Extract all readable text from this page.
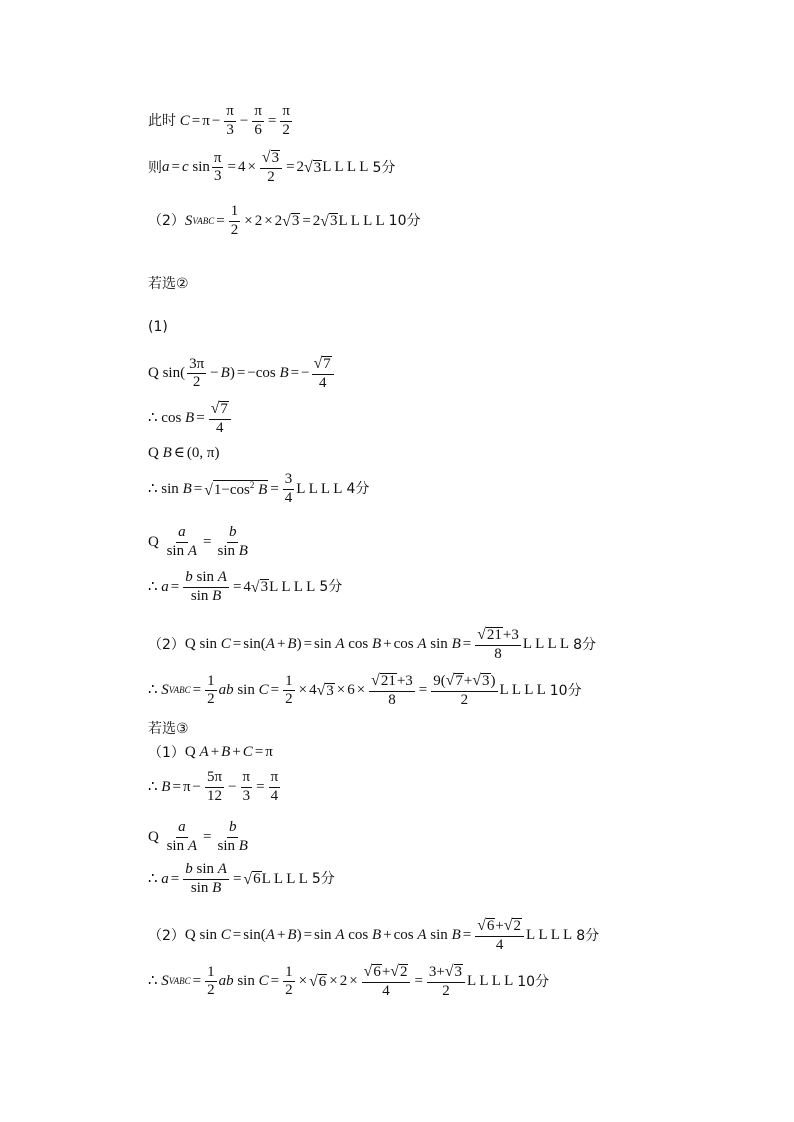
此时 $C = \pi - \frac{\pi}{3} - \frac{\pi}{6} = \frac{\pi}{2}$
则 a = c $\sin \frac{\pi}{3} = 4 \times \frac{√ 3}{2} = 2$ √ 3 L L L L 5分
（2） S VABC = $\frac{1}{2} \times 2 \times 2$ √ 3 = 2 √ 3 L L L L 10分
若选②
(1)
Q $\sin( \frac{3\pi}{2} - B$ ) = −cos B = − $\frac{√ 7}{4}$
∴ $\cos B = \frac{√ 7}{4}$
Q
B ∈ (0, π)
∴ sin B = √ $1-\cos^2$ $B = \frac{3}{4}$ L L L L 4分
Q
$\frac{a}{\text{sin A}} = \frac{b}{\text{sin B}}$
∴
$a = \frac{\text{b sin A}}{\text{sin B}} = 4$ √ 3 L L L L 5分
（2） Q sin C = sin( A + B ) = sin A cos B + cos A $\sin B = \frac{√ 21 +3}{8}$ L L L L 8分
∴
S VABC = $\frac{1}{2}$ ab $\sin C = \frac{1}{2} \times 4$ √ $3 \times 6 \times \frac{√ 21 +3}{8} = \frac{9( √ 7 + √ 3 )}{2}$ L L L L 10分
若选③
（1） Q
A + B + C = π
∴
$B = \pi - \frac{5\pi}{12} - \frac{\pi}{3} = \frac{\pi}{4}$
Q
$\frac{a}{\text{sin A}} = \frac{b}{\text{sin B}}$
∴
$a = \frac{\text{b sin A}}{\text{sin B}}$ = √ 6 L L L L 5分
（2） Q sin C = sin( A + B ) = sin A cos B + cos A $\sin B = \frac{√ 6 + √ 2}{4}$ L L L L 8分
∴
S VABC = $\frac{1}{2}$ ab $\sin C = \frac{1}{2}$ × √ $6 \times 2 \times \frac{√ 6 + √ 2}{4} = \frac{3+ √ 3}{2}$ L L L L 10分
